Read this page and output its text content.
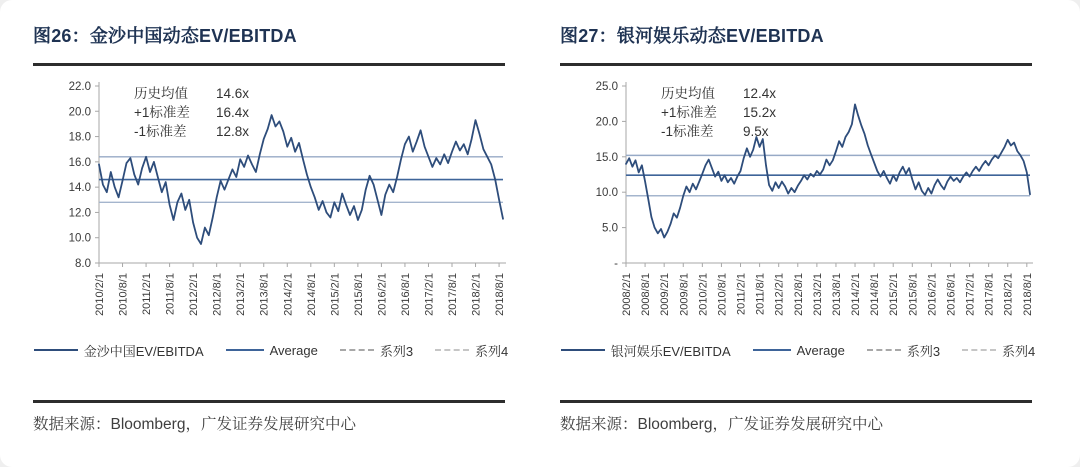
图26：金沙中国动态EV/EBITDA
22.0
20.0
18.0
16.0
14.0
12.0
10.0
8.0
2010/2/1 2010/8/1 2011/2/1 2011/8/1 2012/2/1 2012/8/1 2013/2/1 2013/8/1 2014/2/1 2014/8/1 2015/2/1 2015/8/1 2016/2/1 2016/8/1 2017/2/1 2017/8/1 2018/2/1 2018/8/1
历史均值	14.6x
+1标准差	16.4x
-1标准差	12.8x
金沙中国EV/EBITDA	Average	系列3	系列4
数据来源：Bloomberg，广发证券发展研究中心
图27：银河娱乐动态EV/EBITDA
25.0
20.0
15.0
10.0
5.0
-
2008/2/1 2008/8/1 2009/2/1 2009/8/1 2010/2/1 2010/8/1 2011/2/1 2011/8/1 2012/2/1 2012/8/1 2013/2/1 2013/8/1 2014/2/1 2014/8/1 2015/2/1 2015/8/1 2016/2/1 2016/8/1 2017/2/1 2017/8/1 2018/2/1 2018/8/1
历史均值	12.4x
+1标准差	15.2x
-1标准差	9.5x
银河娱乐EV/EBITDA	Average	系列3	系列4
数据来源：Bloomberg，广发证券发展研究中心
